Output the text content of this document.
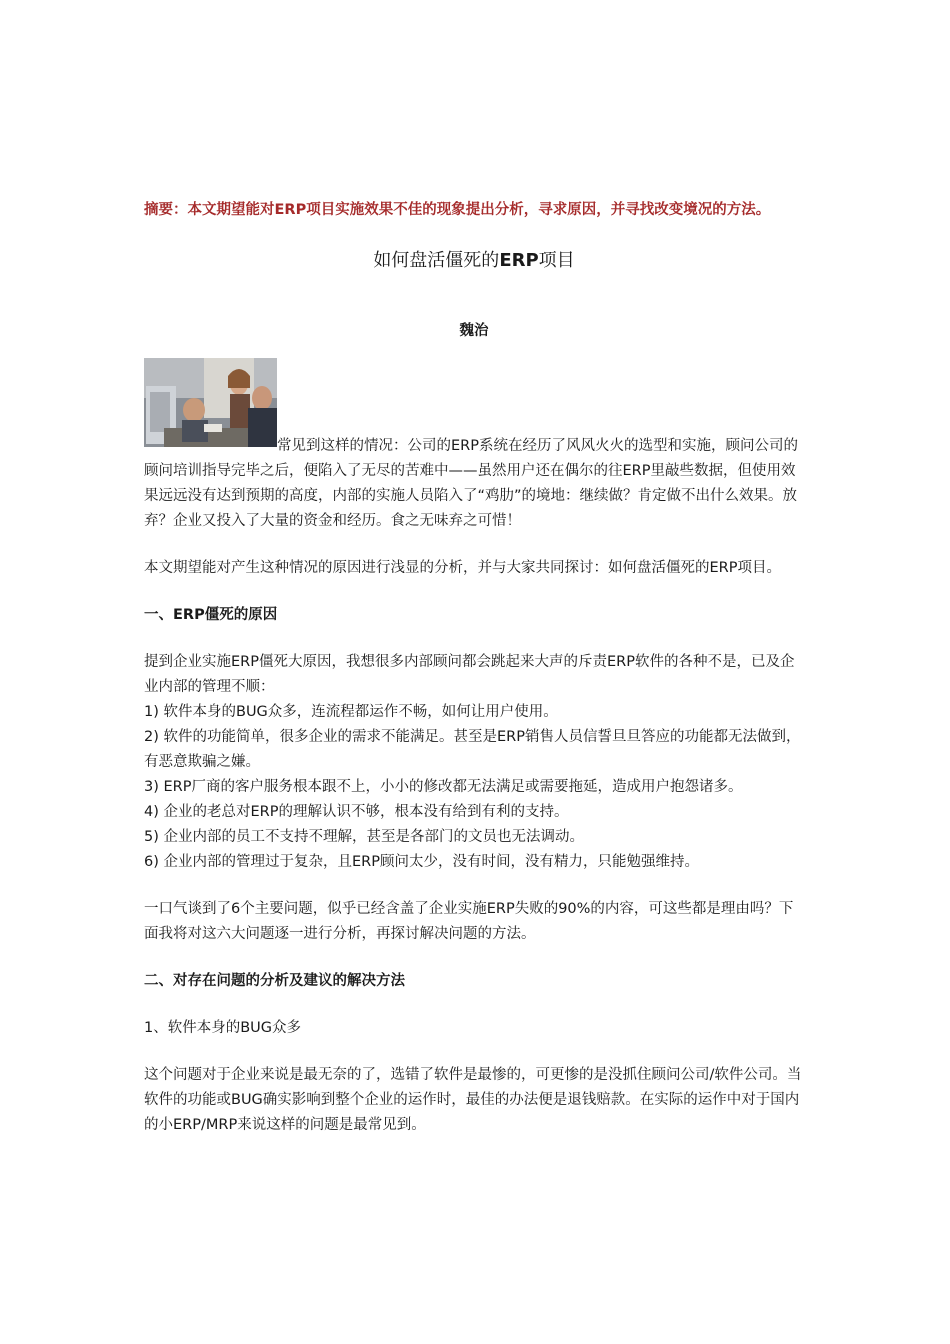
摘要：本文期望能对ERP项目实施效果不佳的现象提出分析，寻求原因，并寻找改变境况的方法。

如何盘活僵死的ERP项目

魏治

常见到这样的情况：公司的ERP系统在经历了风风火火的选型和实施，顾问公司的顾问培训指导完毕之后，便陷入了无尽的苦难中——虽然用户还在偶尔的往ERP里敲些数据，但使用效果远远没有达到预期的高度，内部的实施人员陷入了“鸡肋”的境地：继续做？肯定做不出什么效果。放弃？企业又投入了大量的资金和经历。食之无味弃之可惜！

本文期望能对产生这种情况的原因进行浅显的分析，并与大家共同探讨：如何盘活僵死的ERP项目。

一、ERP僵死的原因

提到企业实施ERP僵死大原因，我想很多内部顾问都会跳起来大声的斥责ERP软件的各种不是，已及企业内部的管理不顺：

1) 软件本身的BUG众多，连流程都运作不畅，如何让用户使用。
2) 软件的功能简单，很多企业的需求不能满足。甚至是ERP销售人员信誓旦旦答应的功能都无法做到，有恶意欺骗之嫌。
3) ERP厂商的客户服务根本跟不上，小小的修改都无法满足或需要拖延，造成用户抱怨诸多。
4) 企业的老总对ERP的理解认识不够，根本没有给到有利的支持。
5) 企业内部的员工不支持不理解，甚至是各部门的文员也无法调动。
6) 企业内部的管理过于复杂，且ERP顾问太少，没有时间，没有精力，只能勉强维持。

一口气谈到了6个主要问题，似乎已经含盖了企业实施ERP失败的90%的内容，可这些都是理由吗？下面我将对这六大问题逐一进行分析，再探讨解决问题的方法。

二、对存在问题的分析及建议的解决方法

1、软件本身的BUG众多

这个问题对于企业来说是最无奈的了，选错了软件是最惨的，可更惨的是没抓住顾问公司/软件公司。当软件的功能或BUG确实影响到整个企业的运作时，最佳的办法便是退钱赔款。在实际的运作中对于国内的小ERP/MRP来说这样的问题是最常见到。
